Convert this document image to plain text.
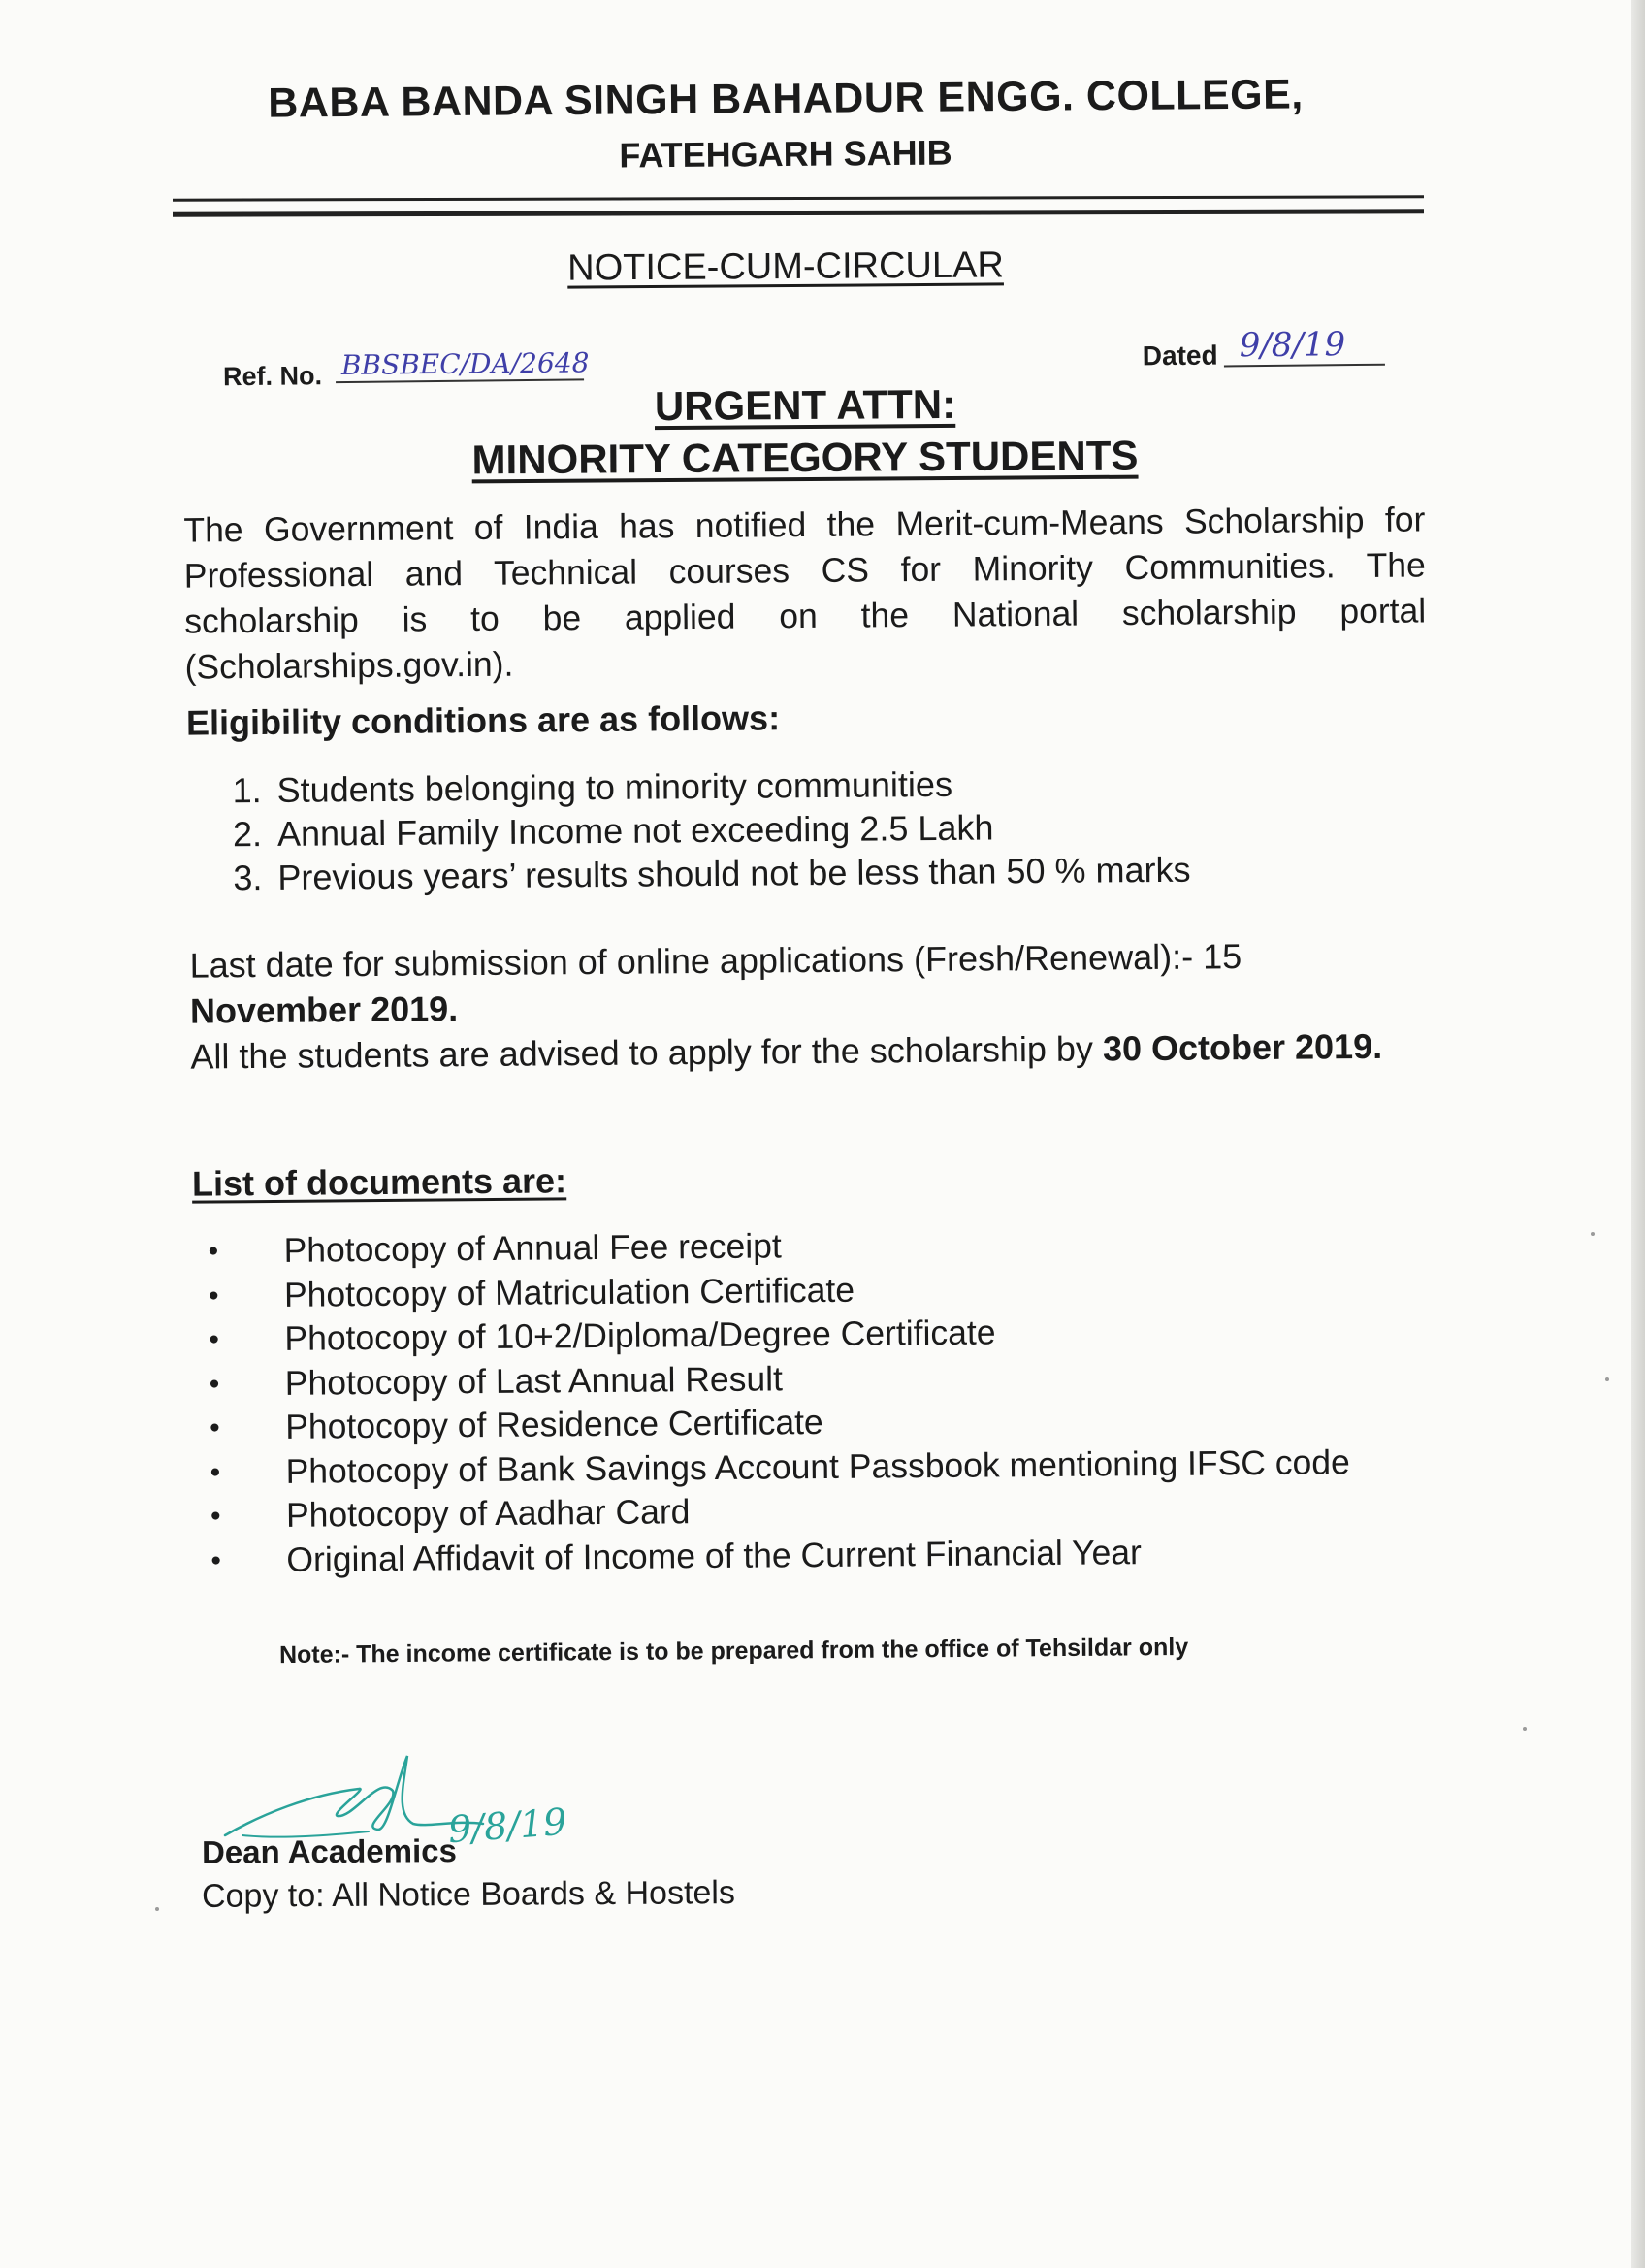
BABA BANDA SINGH BAHADUR ENGG. COLLEGE,
FATEHGARH SAHIB
NOTICE-CUM-CIRCULAR
Ref. No. BBSBEC/DA/2648	Dated 9/8/19
URGENT ATTN:
MINORITY CATEGORY STUDENTS
The Government of India has notified the Merit-cum-Means Scholarship for Professional and Technical courses CS for Minority Communities. The scholarship is to be applied on the National scholarship portal (Scholarships.gov.in).
Eligibility conditions are as follows:
1. Students belonging to minority communities
2. Annual Family Income not exceeding 2.5 Lakh
3. Previous years’ results should not be less than 50 % marks
Last date for submission of online applications (Fresh/Renewal):- 15
November 2019.
All the students are advised to apply for the scholarship by 30 October 2019.
List of documents are:
• Photocopy of Annual Fee receipt
• Photocopy of Matriculation Certificate
• Photocopy of 10+2/Diploma/Degree Certificate
• Photocopy of Last Annual Result
• Photocopy of Residence Certificate
• Photocopy of Bank Savings Account Passbook mentioning IFSC code
• Photocopy of Aadhar Card
• Original Affidavit of Income of the Current Financial Year
Note:- The income certificate is to be prepared from the office of Tehsildar only
9/8/19
Dean Academics
Copy to: All Notice Boards & Hostels
